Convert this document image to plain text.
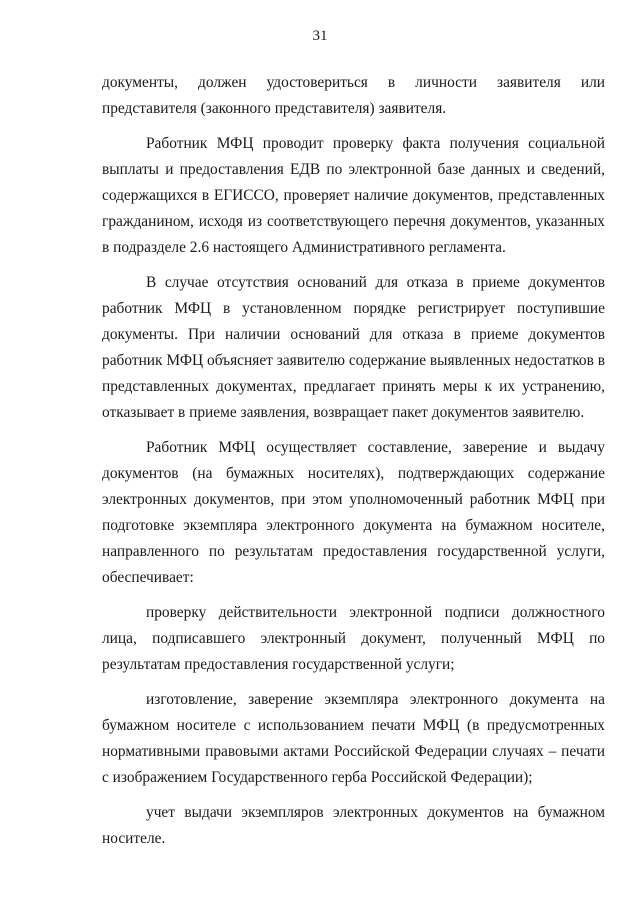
31

документы, должен удостовериться в личности заявителя или представителя (законного представителя) заявителя.

Работник МФЦ проводит проверку факта получения социальной выплаты и предоставления ЕДВ по электронной базе данных и сведений, содержащихся в ЕГИССО, проверяет наличие документов, представленных гражданином, исходя из соответствующего перечня документов, указанных в подразделе 2.6 настоящего Административного регламента.

В случае отсутствия оснований для отказа в приеме документов работник МФЦ в установленном порядке регистрирует поступившие документы. При наличии оснований для отказа в приеме документов работник МФЦ объясняет заявителю содержание выявленных недостатков в представленных документах, предлагает принять меры к их устранению, отказывает в приеме заявления, возвращает пакет документов заявителю.

Работник МФЦ осуществляет составление, заверение и выдачу документов (на бумажных носителях), подтверждающих содержание электронных документов, при этом уполномоченный работник МФЦ при подготовке экземпляра электронного документа на бумажном носителе, направленного по результатам предоставления государственной услуги, обеспечивает:

проверку действительности электронной подписи должностного лица, подписавшего электронный документ, полученный МФЦ по результатам предоставления государственной услуги;

изготовление, заверение экземпляра электронного документа на бумажном носителе с использованием печати МФЦ (в предусмотренных нормативными правовыми актами Российской Федерации случаях – печати с изображением Государственного герба Российской Федерации);

учет выдачи экземпляров электронных документов на бумажном носителе.
